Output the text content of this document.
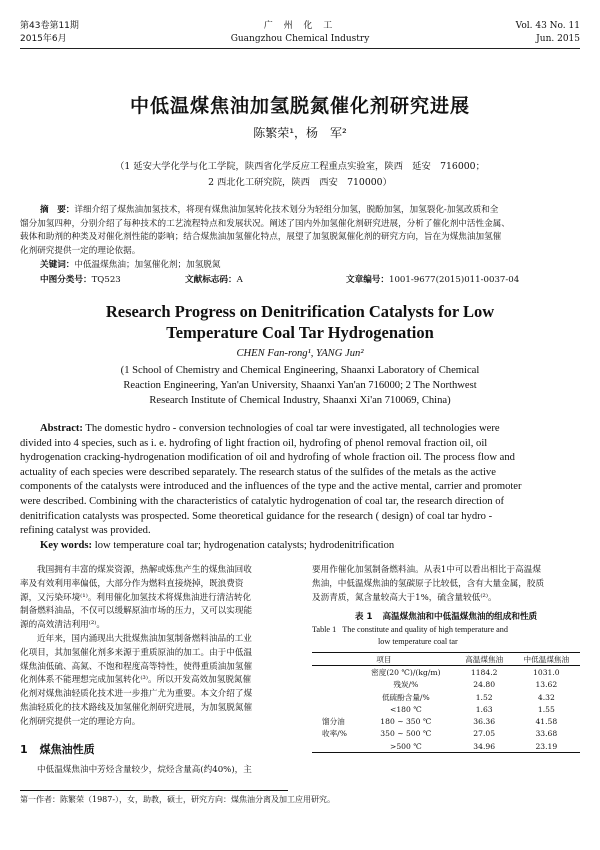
第43卷第11期
2015年6月
广 州 化 工
Guangzhou Chemical Industry
Vol. 43 No. 11
Jun. 2015
中低温煤焦油加氢脱氮催化剂研究进展
陈繁荣¹，杨　军²
（1 延安大学化学与化工学院，陕西省化学反应工程重点实验室，陕西　延安　716000；
2 西北化工研究院，陕西　西安　710000）
摘　要：详细介绍了煤焦油加氢技术，将现有煤焦油加氢转化技术划分为轻组分加氢，脱酚加氢，加氢裂化-加氢改质和全
馏分加氢四种，分别介绍了每种技术的工艺流程特点和发展状况。阐述了国内外加氢催化剂研究进展，分析了催化剂中活性金属、
载体和助剂的种类及对催化剂性能的影响；结合煤焦油加氢催化特点，展望了加氢脱氮催化剂的研究方向，旨在为煤焦油加氢催
化剂研究提供一定的理论依据。
关键词：中低温煤焦油；加氢催化剂；加氢脱氮
中图分类号：TQ523	文献标志码：A	文章编号：1001-9677(2015)011-0037-04
Research Progress on Denitrification Catalysts for Low
Temperature Coal Tar Hydrogenation
CHEN Fan-rong¹, YANG Jun²
(1 School of Chemistry and Chemical Engineering, Shaanxi Laboratory of Chemical
Reaction Engineering, Yan'an University, Shaanxi Yan'an 716000; 2 The Northwest
Research Institute of Chemical Industry, Shaanxi Xi'an 710069, China)
Abstract: The domestic hydro - conversion technologies of coal tar were investigated, all technologies were
divided into 4 species, such as i. e. hydrofing of light fraction oil, hydrofing of phenol removal fraction oil, oil
hydrogenation cracking-hydrogenation modification of oil and hydrofing of whole fraction oil. The process flow and
actuality of each species were described separately. The research status of the sulfides of the metals as the active
components of the catalysts were introduced and the influences of the type and the active mental, carrier and promoter
were described. Combining with the characteristics of catalytic hydrogenation of coal tar, the research direction of
denitrification catalysts was prospected. Some theoretical guidance for the research ( design) of coal tar hydro -
refining catalyst was provided.
Key words: low temperature coal tar; hydrogenation catalysts; hydrodenitrification
我国拥有丰富的煤炭资源，热解或炼焦产生的煤焦油回收
率及有效利用率偏低，大部分作为燃料直接烧掉，既浪费资
源，又污染环境⁽¹⁾。利用催化加氢技术将煤焦油进行清洁转化
制备燃料油品，不仅可以缓解原油市场的压力，又可以实现能
源的高效清洁利用⁽²⁾。
近年来，国内涌现出大批煤焦油加氢制备燃料油品的工业
化项目，其加氢催化剂多来源于重质原油的加工。由于中低温
煤焦油低硫、高氮、不饱和程度高等特性，使得重质油加氢催
化剂体系不能理想完成加氢转化⁽³⁾。所以开发高效加氢脱氮催
化剂对煤焦油轻质化技术进一步推广尤为重要。本文介绍了煤
焦油轻质化的技术路线及加氢催化剂研究进展，为加氢脱氮催
化剂研究提供一定的理论方向。
1 煤焦油性质
中低温煤焦油中芳烃含量较少，烷烃含量高(约40%)，主
要用作催化加氢制备燃料油。从表1中可以看出相比于高温煤
焦油，中低温煤焦油的氢碳原子比较低，含有大量金属，胶质
及沥青质，氮含量较高大于1%，硫含量较低⁽²⁾。
表 1 高温煤焦油和中低温煤焦油的组成和性质
Table 1 The constitute and quality of high temperature and
low temperature coal tar
项目		高温煤焦油	中低温煤焦油
	密度(20 ℃)/(kg/m)	1184.2	1031.0
	残炭/%	24.80	13.62
	低硫酚含量/%	1.52	4.32
	<180 ℃	1.63	1.55
馏分油	180 ~ 350 ℃	36.36	41.58
收率/%	350 ~ 500 ℃	27.05	33.68
	>500 ℃	34.96	23.19
第一作者：陈繁荣（1987-），女，助教，硕士，研究方向：煤焦油分离及加工应用研究。
